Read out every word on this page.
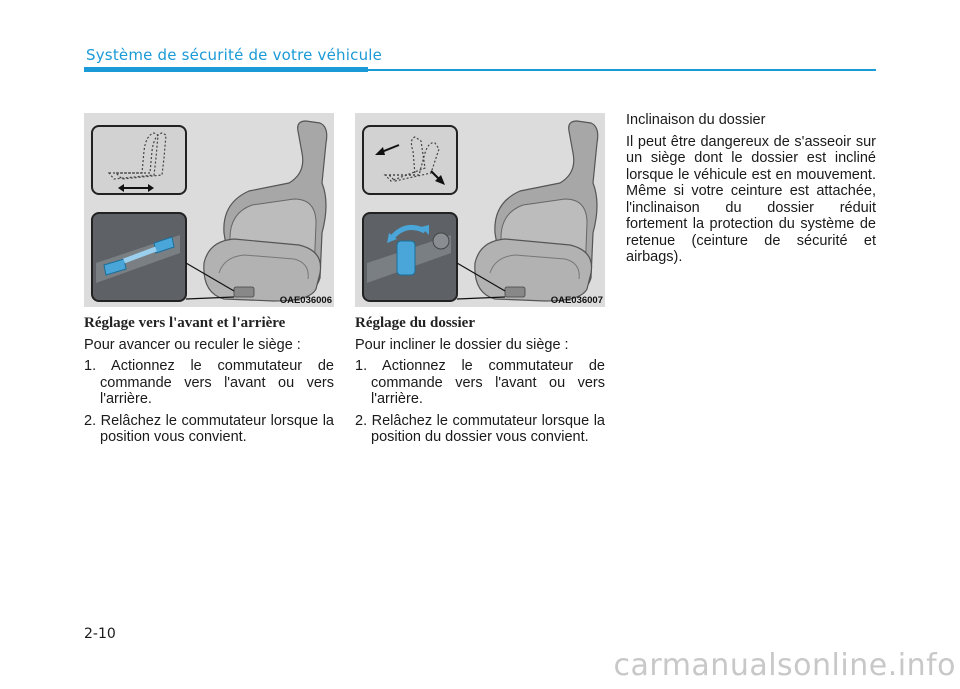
Système de sécurité de votre véhicule
OAE036006	OAE036007
Réglage vers l'avant et l'arrière
Pour avancer ou reculer le siège :
1. Actionnez le commutateur de commande vers l'avant ou vers l'arrière.
2. Relâchez le commutateur lorsque la position vous convient.
Réglage du dossier
Pour incliner le dossier du siège :
1. Actionnez le commutateur de commande vers l'avant ou vers l'arrière.
2. Relâchez le commutateur lorsque la position du dossier vous convient.
Inclinaison du dossier
Il peut être dangereux de s'asseoir sur un siège dont le dossier est incliné lorsque le véhicule est en mouvement. Même si votre ceinture est attachée, l'inclinaison du dossier réduit fortement la protection du système de retenue (ceinture de sécurité et airbags).
2-10
carmanualsonline.info
